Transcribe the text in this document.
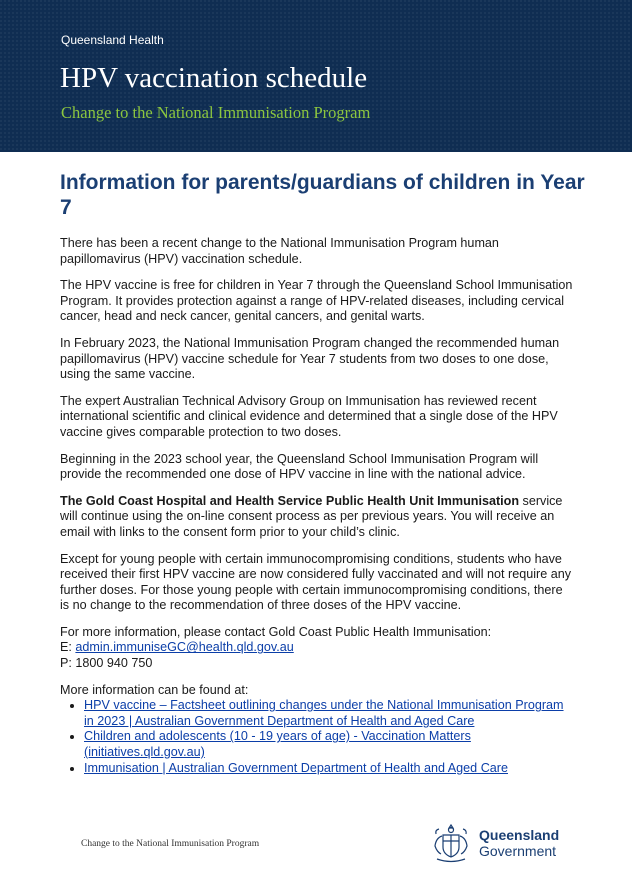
Queensland Health
HPV vaccination schedule
Change to the National Immunisation Program
Information for parents/guardians of children in Year 7

There has been a recent change to the National Immunisation Program human papillomavirus (HPV) vaccination schedule.

The HPV vaccine is free for children in Year 7 through the Queensland School Immunisation Program. It provides protection against a range of HPV-related diseases, including cervical cancer, head and neck cancer, genital cancers, and genital warts.

In February 2023, the National Immunisation Program changed the recommended human papillomavirus (HPV) vaccine schedule for Year 7 students from two doses to one dose, using the same vaccine.

The expert Australian Technical Advisory Group on Immunisation has reviewed recent international scientific and clinical evidence and determined that a single dose of the HPV vaccine gives comparable protection to two doses.

Beginning in the 2023 school year, the Queensland School Immunisation Program will provide the recommended one dose of HPV vaccine in line with the national advice.

The Gold Coast Hospital and Health Service Public Health Unit Immunisation service will continue using the on-line consent process as per previous years. You will receive an email with links to the consent form prior to your child’s clinic.

Except for young people with certain immunocompromising conditions, students who have received their first HPV vaccine are now considered fully vaccinated and will not require any further doses. For those young people with certain immunocompromising conditions, there is no change to the recommendation of three doses of the HPV vaccine.

For more information, please contact Gold Coast Public Health Immunisation:

E: admin.immuniseGC@health.qld.gov.au

P: 1800 940 750

More information can be found at:

• HPV vaccine – Factsheet outlining changes under the National Immunisation Program in 2023 | Australian Government Department of Health and Aged Care
• Children and adolescents (10 - 19 years of age) - Vaccination Matters (initiatives.qld.gov.au)
• Immunisation | Australian Government Department of Health and Aged Care
Change to the National Immunisation Program
Queensland
Government
